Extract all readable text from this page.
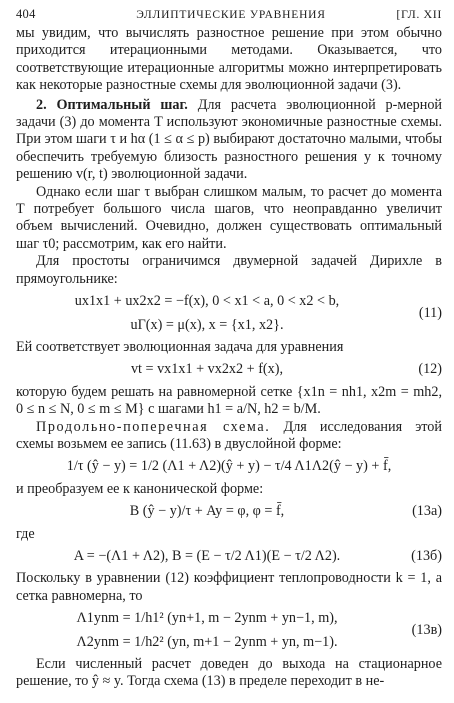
404	ЭЛЛИПТИЧЕСКИЕ УРАВНЕНИЯ	[ГЛ. XII

мы увидим, что вычислять разностное решение при этом обычно приходится итерационными методами. Оказывается, что соответствующие итерационные алгоритмы можно интерпретировать как некоторые разностные схемы для эволюционной задачи (3).

2. Оптимальный шаг. Для расчета эволюционной p-мерной задачи (3) до момента T используют экономичные разностные схемы. При этом шаги τ и hα (1 ≤ α ≤ p) выбирают достаточно малыми, чтобы обеспечить требуемую близость разностного решения y к точному решению v(r, t) эволюционной задачи.

Однако если шаг τ выбран слишком малым, то расчет до момента T потребует большого числа шагов, что неоправданно увеличит объем вычислений. Очевидно, должен существовать оптимальный шаг τ0; рассмотрим, как его найти.

Для простоты ограничимся двумерной задачей Дирихле в прямоугольнике:

ux1x1 + ux2x2 = −f(x), 0 < x1 < a, 0 < x2 < b,
uΓ(x) = μ(x), x = {x1, x2}.
(11)

Ей соответствует эволюционная задача для уравнения

vt = vx1x1 + vx2x2 + f(x),	(12)

которую будем решать на равномерной сетке {x1n = nh1, x2m = mh2, 0 ≤ n ≤ N, 0 ≤ m ≤ M} с шагами h1 = a/N, h2 = b/M.

Продольно-поперечная схема. Для исследования этой схемы возьмем ее запись (11.63) в двуслойной форме:

1/τ (ŷ − y) = 1/2 (Λ1 + Λ2)(ŷ + y) − τ/4 Λ1Λ2(ŷ − y) + f̄,

и преобразуем ее к канонической форме:

B (ŷ − y)/τ + Ay = φ, φ = f̄,	(13а)

где

A = −(Λ1 + Λ2), B = (E − τ/2 Λ1)(E − τ/2 Λ2).	(13б)

Поскольку в уравнении (12) коэффициент теплопроводности k = 1, а сетка равномерна, то

Λ1ynm = 1/h1² (yn+1, m − 2ynm + yn−1, m),
Λ2ynm = 1/h2² (yn, m+1 − 2ynm + yn, m−1).
(13в)

Если численный расчет доведен до выхода на стационарное решение, то ŷ ≈ y. Тогда схема (13) в пределе переходит в не-
